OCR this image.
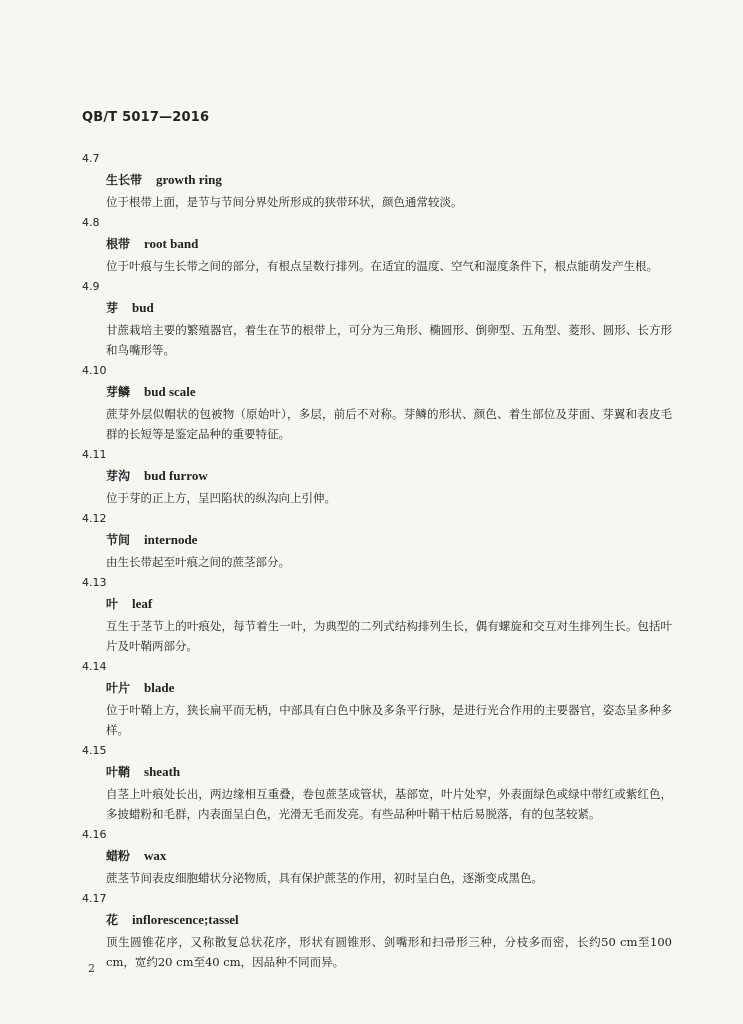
QB/T 5017—2016
4.7
生长带 growth ring
位于根带上面，是节与节间分界处所形成的狭带环状，颜色通常较淡。
4.8
根带 root band
位于叶痕与生长带之间的部分，有根点呈数行排列。在适宜的温度、空气和湿度条件下，根点能萌发产生根。
4.9
芽 bud
甘蔗栽培主要的繁殖器官，着生在节的根带上，可分为三角形、椭圆形、倒卵型、五角型、菱形、圆形、长方形和鸟嘴形等。
4.10
芽鳞 bud scale
蔗芽外层似帽状的包被物（原始叶），多层，前后不对称。芽鳞的形状、颜色、着生部位及芽面、芽翼和表皮毛群的长短等是鉴定品种的重要特征。
4.11
芽沟 bud furrow
位于芽的正上方，呈凹陷状的纵沟向上引伸。
4.12
节间 internode
由生长带起至叶痕之间的蔗茎部分。
4.13
叶 leaf
互生于茎节上的叶痕处，每节着生一叶，为典型的二列式结构排列生长，偶有螺旋和交互对生排列生长。包括叶片及叶鞘两部分。
4.14
叶片 blade
位于叶鞘上方，狭长扁平而无柄，中部具有白色中脉及多条平行脉，是进行光合作用的主要器官，姿态呈多种多样。
4.15
叶鞘 sheath
自茎上叶痕处长出，两边缘相互重叠，卷包蔗茎成管状，基部宽，叶片处窄，外表面绿色或绿中带红或紫红色，多披蜡粉和毛群，内表面呈白色，光滑无毛而发亮。有些品种叶鞘干枯后易脱落，有的包茎较紧。
4.16
蜡粉 wax
蔗茎节间表皮细胞蜡状分泌物质，具有保护蔗茎的作用，初时呈白色，逐渐变成黑色。
4.17
花 inflorescence;tassel
顶生圆锥花序，又称散复总状花序，形状有圆锥形、剑嘴形和扫帚形三种，分枝多而密，长约50 cm至100 cm，宽约20 cm至40 cm，因品种不同而异。
2
